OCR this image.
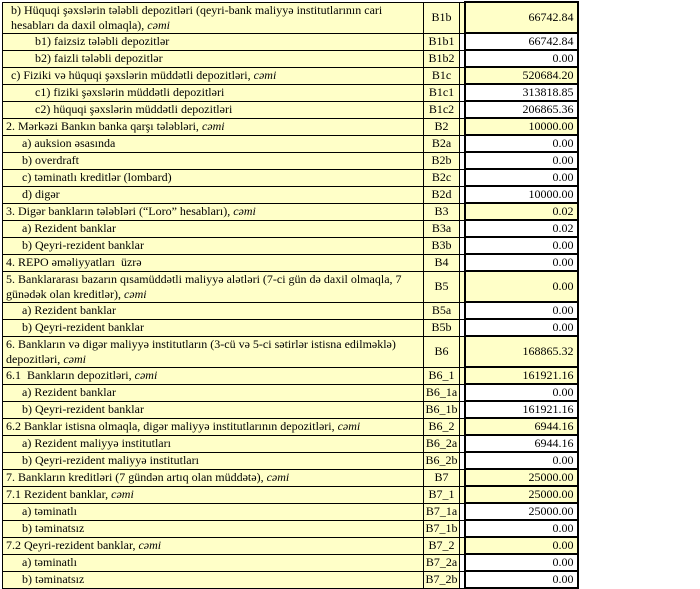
b) Hüquqi şəxslərin tələbli depozitləri (qeyri-bank maliyyə institutlarının cari hesabları da daxil olmaqla), cəmi	B1b		66742.84
b1) faizsiz tələbli depozitlər	B1b1		66742.84
b2) faizli tələbli depozitlər	B1b2		0.00
c) Fiziki və hüquqi şəxslərin müddətli depozitləri, cəmi	B1c		520684.20
c1) fiziki şəxslərin müddətli depozitləri	B1c1		313818.85
c2) hüquqi şəxslərin müddətli depozitləri	B1c2		206865.36
2. Mərkəzi Bankın banka qarşı tələbləri, cəmi	B2		10000.00
a) auksion əsasında	B2a		0.00
b) overdraft	B2b		0.00
c) təminatlı kreditlər (lombard)	B2c		0.00
d) digər	B2d		10000.00
3. Digər bankların tələbləri (“Loro” hesabları), cəmi	B3		0.02
a) Rezident banklar	B3a		0.02
b) Qeyri-rezident banklar	B3b		0.00
4. REPO əməliyyatları  üzrə	B4		0.00
5. Banklararası bazarın qısamüddətli maliyyə alətləri (7-ci gün də daxil olmaqla, 7 günədək olan kreditlər), cəmi	B5		0.00
a) Rezident banklar	B5a		0.00
b) Qeyri-rezident banklar	B5b		0.00
6. Bankların və digər maliyyə institutların (3-cü və 5-ci sətirlər istisna edilməklə) depozitləri, cəmi	B6		168865.32
6.1  Bankların depozitləri, cəmi	B6_1		161921.16
a) Rezident banklar	B6_1a		0.00
b) Qeyri-rezident banklar	B6_1b		161921.16
6.2 Banklar istisna olmaqla, digər maliyyə institutlarının depozitləri, cəmi	B6_2		6944.16
a) Rezident maliyyə institutları	B6_2a		6944.16
b) Qeyri-rezident maliyyə institutları	B6_2b		0.00
7. Bankların kreditləri (7 gündən artıq olan müddətə), cəmi	B7		25000.00
7.1 Rezident banklar, cəmi	B7_1		25000.00
a) təminatlı	B7_1a		25000.00
b) təminatsız	B7_1b		0.00
7.2 Qeyri-rezident banklar, cəmi	B7_2		0.00
a) təminatlı	B7_2a		0.00
b) təminatsız	B7_2b		0.00
